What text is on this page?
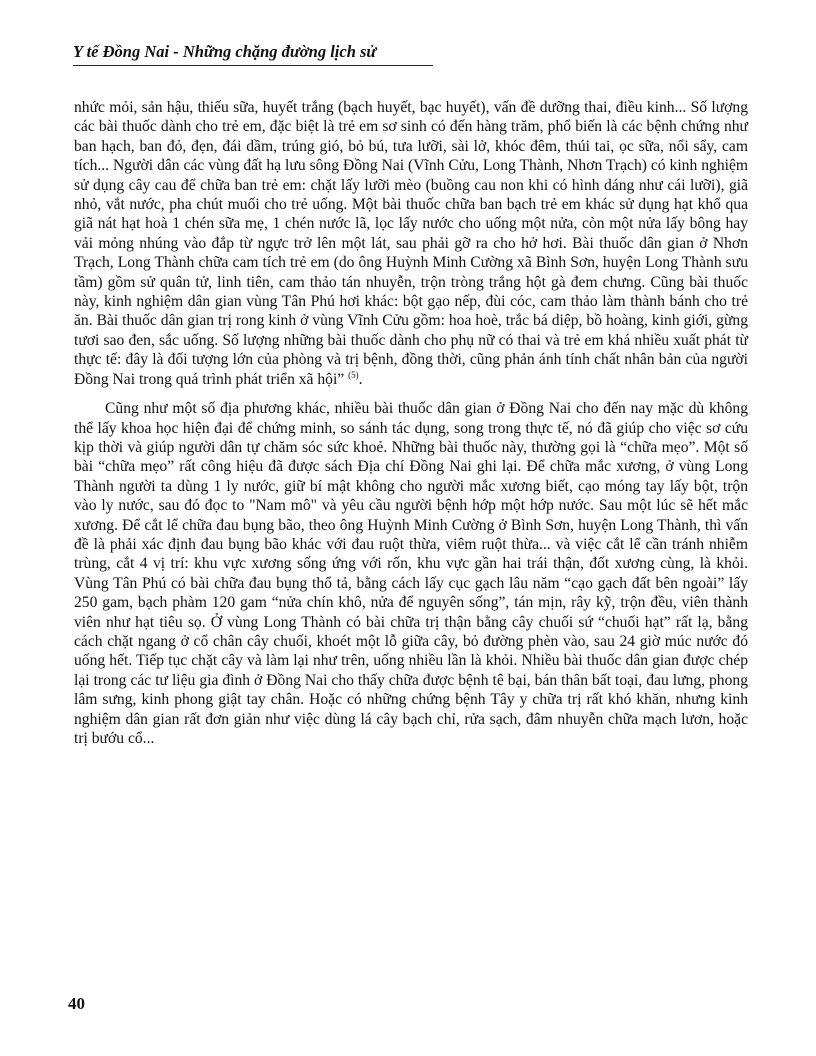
Y tế Đồng Nai - Những chặng đường lịch sử

nhức mỏi, sản hậu, thiếu sữa, huyết trắng (bạch huyết, bạc huyết), vấn đề dưỡng thai, điều kinh... Số lượng các bài thuốc dành cho trẻ em, đặc biệt là trẻ em sơ sinh có đến hàng trăm, phổ biến là các bệnh chứng như ban hạch, ban đỏ, đẹn, đái dầm, trúng gió, bỏ bú, tưa lưỡi, sài lở, khóc đêm, thúi tai, ọc sữa, nổi sẩy, cam tích... Người dân các vùng đất hạ lưu sông Đồng Nai (Vĩnh Cửu, Long Thành, Nhơn Trạch) có kinh nghiệm sử dụng cây cau để chữa ban trẻ em: chặt lấy lưỡi mèo (buồng cau non khi có hình dáng như cái lưỡi), giã nhỏ, vắt nước, pha chút muối cho trẻ uống. Một bài thuốc chữa ban bạch trẻ em khác sử dụng hạt khổ qua giã nát hạt hoà 1 chén sữa mẹ, 1 chén nước lã, lọc lấy nước cho uống một nửa, còn một nửa lấy bông hay vải mỏng nhúng vào đắp từ ngực trở lên một lát, sau phải gỡ ra cho hở hơi. Bài thuốc dân gian ở Nhơn Trạch, Long Thành chữa cam tích trẻ em (do ông Huỳnh Minh Cường xã Bình Sơn, huyện Long Thành sưu tầm) gồm sử quân tử, linh tiên, cam thảo tán nhuyễn, trộn tròng trắng hột gà đem chưng. Cũng bài thuốc này, kinh nghiệm dân gian vùng Tân Phú hơi khác: bột gạo nếp, đùi cóc, cam thảo làm thành bánh cho trẻ ăn. Bài thuốc dân gian trị rong kinh ở vùng Vĩnh Cửu gồm: hoa hoè, trắc bá diệp, bồ hoàng, kinh giới, gừng tươi sao đen, sắc uống. Số lượng những bài thuốc dành cho phụ nữ có thai và trẻ em khá nhiều xuất phát từ thực tế: đây là đối tượng lớn của phòng và trị bệnh, đồng thời, cũng phản ánh tính chất nhân bản của người Đồng Nai trong quá trình phát triển xã hội” $^{(5)}$.

Cũng như một số địa phương khác, nhiều bài thuốc dân gian ở Đồng Nai cho đến nay mặc dù không thể lấy khoa học hiện đại để chứng minh, so sánh tác dụng, song trong thực tế, nó đã giúp cho việc sơ cứu kịp thời và giúp người dân tự chăm sóc sức khoẻ. Những bài thuốc này, thường gọi là “chữa mẹo”. Một số bài “chữa mẹo” rất công hiệu đã được sách Địa chí Đồng Nai ghi lại. Để chữa mắc xương, ở vùng Long Thành người ta dùng 1 ly nước, giữ bí mật không cho người mắc xương biết, cạo móng tay lấy bột, trộn vào ly nước, sau đó đọc to "Nam mô" và yêu cầu người bệnh hớp một hớp nước. Sau một lúc sẽ hết mắc xương. Để cắt lể chữa đau bụng bão, theo ông Huỳnh Minh Cường ở Bình Sơn, huyện Long Thành, thì vấn đề là phải xác định đau bụng bão khác với đau ruột thừa, viêm ruột thừa... và việc cắt lể cần tránh nhiễm trùng, cắt 4 vị trí: khu vực xương sống ứng với rốn, khu vực gần hai trái thận, đốt xương cùng, là khỏi. Vùng Tân Phú có bài chữa đau bụng thổ tả, bằng cách lấy cục gạch lâu năm “cạo gạch đất bên ngoài” lấy 250 gam, bạch phàm 120 gam “nửa chín khô, nửa để nguyên sống”, tán mịn, rây kỹ, trộn đều, viên thành viên như hạt tiêu sọ. Ở vùng Long Thành có bài chữa trị thận bằng cây chuối sứ “chuối hạt” rất lạ, bằng cách chặt ngang ở cổ chân cây chuối, khoét một lỗ giữa cây, bỏ đường phèn vào, sau 24 giờ múc nước đó uống hết. Tiếp tục chặt cây và làm lại như trên, uống nhiều lần là khỏi. Nhiều bài thuốc dân gian được chép lại trong các tư liệu gia đình ở Đồng Nai cho thấy chữa được bệnh tê bại, bán thân bất toại, đau lưng, phong lâm sưng, kinh phong giật tay chân. Hoặc có những chứng bệnh Tây y chữa trị rất khó khăn, nhưng kinh nghiệm dân gian rất đơn giản như việc dùng lá cây bạch chỉ, rửa sạch, đâm nhuyễn chữa mạch lươn, hoặc trị bướu cổ...

40
